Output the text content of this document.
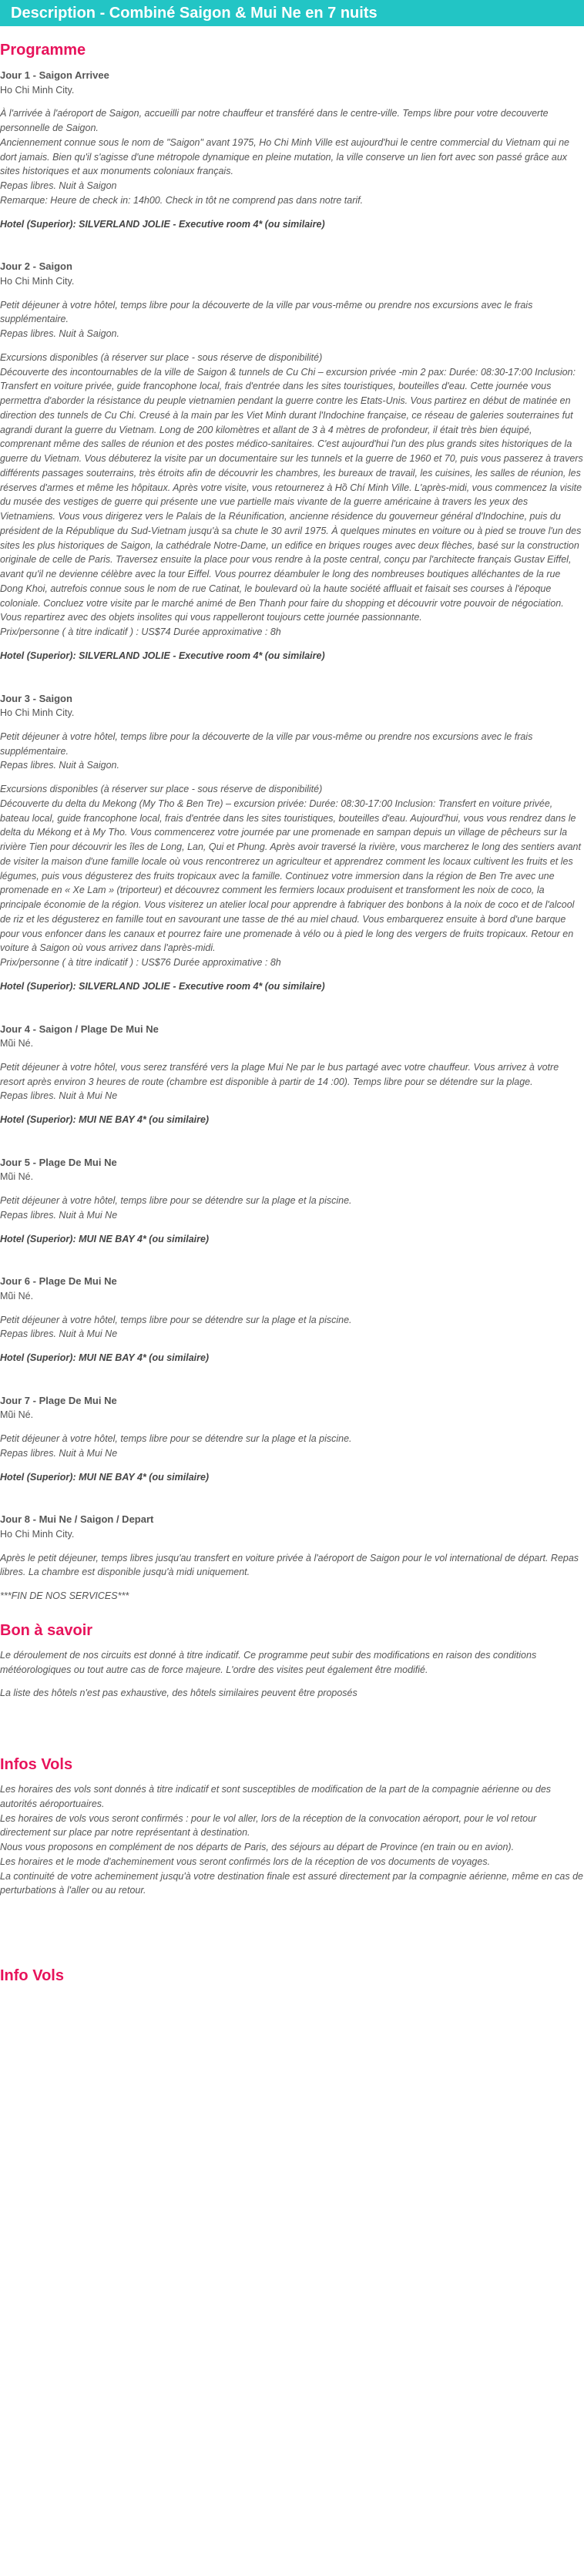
Description - Combiné Saigon & Mui Ne en 7 nuits
Programme
Jour 1 - Saigon Arrivee

Ho Chi Minh City.

À l'arrivée à l'aéroport de Saigon, accueilli par notre chauffeur et transféré dans le centre-ville. Temps libre pour votre decouverte personnelle de Saigon.

Anciennement connue sous le nom de "Saigon" avant 1975, Ho Chi Minh Ville est aujourd'hui le centre commercial du Vietnam qui ne dort jamais. Bien qu'il s'agisse d'une métropole dynamique en pleine mutation, la ville conserve un lien fort avec son passé grâce aux sites historiques et aux monuments coloniaux français.

Repas libres. Nuit à Saigon

Remarque: Heure de check in: 14h00. Check in tôt ne comprend pas dans notre tarif.

Hotel (Superior): SILVERLAND JOLIE - Executive room 4* (ou similaire)

Jour 2 - Saigon

Ho Chi Minh City.

Petit déjeuner à votre hôtel, temps libre pour la découverte de la ville par vous-même ou prendre nos excursions avec le frais supplémentaire.

Repas libres. Nuit à Saigon.

Excursions disponibles (à réserver sur place - sous réserve de disponibilité)
Découverte des incontournables de la ville de Saigon & tunnels de Cu Chi – excursion privée -min 2 pax: Durée: 08:30-17:00 Inclusion: Transfert en voiture privée, guide francophone local, frais d'entrée dans les sites touristiques, bouteilles d'eau. Cette journée vous permettra d'aborder la résistance du peuple vietnamien pendant la guerre contre les Etats-Unis. Vous partirez en début de matinée en direction des tunnels de Cu Chi. Creusé à la main par les Viet Minh durant l'Indochine française, ce réseau de galeries souterraines fut agrandi durant la guerre du Vietnam. Long de 200 kilomètres et allant de 3 à 4 mètres de profondeur, il était très bien équipé, comprenant même des salles de réunion et des postes médico-sanitaires. C'est aujourd'hui l'un des plus grands sites historiques de la guerre du Vietnam. Vous débuterez la visite par un documentaire sur les tunnels et la guerre de 1960 et 70, puis vous passerez à travers différents passages souterrains, très étroits afin de découvrir les chambres, les bureaux de travail, les cuisines, les salles de réunion, les réserves d'armes et même les hôpitaux. Après votre visite, vous retournerez à Hồ Chí Minh Ville. L'après-midi, vous commencez la visite du musée des vestiges de guerre qui présente une vue partielle mais vivante de la guerre américaine à travers les yeux des Vietnamiens. Vous vous dirigerez vers le Palais de la Réunification, ancienne résidence du gouverneur général d'Indochine, puis du président de la République du Sud-Vietnam jusqu'à sa chute le 30 avril 1975. À quelques minutes en voiture ou à pied se trouve l'un des sites les plus historiques de Saigon, la cathédrale Notre-Dame, un edifice en briques rouges avec deux flèches, basé sur la construction originale de celle de Paris. Traversez ensuite la place pour vous rendre à la poste central, conçu par l'architecte français Gustav Eiffel, avant qu'il ne devienne célèbre avec la tour Eiffel. Vous pourrez déambuler le long des nombreuses boutiques alléchantes de la rue Dong Khoi, autrefois connue sous le nom de rue Catinat, le boulevard où la haute société affluait et faisait ses courses à l'époque coloniale. Concluez votre visite par le marché animé de Ben Thanh pour faire du shopping et découvrir votre pouvoir de négociation. Vous repartirez avec des objets insolites qui vous rappelleront toujours cette journée passionnante.
Prix/personne ( à titre indicatif ) : US$74 Durée approximative : 8h

Hotel (Superior): SILVERLAND JOLIE - Executive room 4* (ou similaire)

Jour 3 - Saigon

Ho Chi Minh City.

Petit déjeuner à votre hôtel, temps libre pour la découverte de la ville par vous-même ou prendre nos excursions avec le frais supplémentaire.

Repas libres. Nuit à Saigon.

Excursions disponibles (à réserver sur place - sous réserve de disponibilité)
Découverte du delta du Mekong (My Tho & Ben Tre) – excursion privée: Durée: 08:30-17:00 Inclusion: Transfert en voiture privée, bateau local, guide francophone local, frais d'entrée dans les sites touristiques, bouteilles d'eau. Aujourd'hui, vous vous rendrez dans le delta du Mékong et à My Tho. Vous commencerez votre journée par une promenade en sampan depuis un village de pêcheurs sur la rivière Tien pour découvrir les îles de Long, Lan, Qui et Phung. Après avoir traversé la rivière, vous marcherez le long des sentiers avant de visiter la maison d'une famille locale où vous rencontrerez un agriculteur et apprendrez comment les locaux cultivent les fruits et les légumes, puis vous dégusterez des fruits tropicaux avec la famille. Continuez votre immersion dans la région de Ben Tre avec une promenade en « Xe Lam » (triporteur) et découvrez comment les fermiers locaux produisent et transforment les noix de coco, la principale économie de la région. Vous visiterez un atelier local pour apprendre à fabriquer des bonbons à la noix de coco et de l'alcool de riz et les dégusterez en famille tout en savourant une tasse de thé au miel chaud. Vous embarquerez ensuite à bord d'une barque pour vous enfoncer dans les canaux et pourrez faire une promenade à vélo ou à pied le long des vergers de fruits tropicaux. Retour en voiture à Saigon où vous arrivez dans l'après-midi.
Prix/personne ( à titre indicatif ) : US$76 Durée approximative : 8h

Hotel (Superior): SILVERLAND JOLIE - Executive room 4* (ou similaire)

Jour 4 - Saigon / Plage De Mui Ne

Mũi Né.

Petit déjeuner à votre hôtel, vous serez transféré vers la plage Mui Ne par le bus partagé avec votre chauffeur. Vous arrivez à votre resort après environ 3 heures de route (chambre est disponible à partir de 14 :00). Temps libre pour se détendre sur la plage.

Repas libres. Nuit à Mui Ne

Hotel (Superior): MUI NE BAY 4* (ou similaire)

Jour 5 - Plage De Mui Ne

Mũi Né.

Petit déjeuner à votre hôtel, temps libre pour se détendre sur la plage et la piscine.

Repas libres. Nuit à Mui Ne

Hotel (Superior): MUI NE BAY 4* (ou similaire)

Jour 6 - Plage De Mui Ne

Mũi Né.

Petit déjeuner à votre hôtel, temps libre pour se détendre sur la plage et la piscine.

Repas libres. Nuit à Mui Ne

Hotel (Superior): MUI NE BAY 4* (ou similaire)

Jour 7 - Plage De Mui Ne

Mũi Né.

Petit déjeuner à votre hôtel, temps libre pour se détendre sur la plage et la piscine.

Repas libres. Nuit à Mui Ne

Hotel (Superior): MUI NE BAY 4* (ou similaire)

Jour 8 - Mui Ne / Saigon / Depart

Ho Chi Minh City.

Après le petit déjeuner, temps libres jusqu'au transfert en voiture privée à l'aéroport de Saigon pour le vol international de départ. Repas libres. La chambre est disponible jusqu'à midi uniquement.

***FIN DE NOS SERVICES***

Bon à savoir

Le déroulement de nos circuits est donné à titre indicatif. Ce programme peut subir des modifications en raison des conditions météorologiques ou tout autre cas de force majeure. L'ordre des visites peut également être modifié.

La liste des hôtels n'est pas exhaustive, des hôtels similaires peuvent être proposés

Infos Vols

Les horaires des vols sont donnés à titre indicatif et sont susceptibles de modification de la part de la compagnie aérienne ou des autorités aéroportuaires.

Les horaires de vols vous seront confirmés : pour le vol aller, lors de la réception de la convocation aéroport, pour le vol retour directement sur place par notre représentant à destination.

Nous vous proposons en complément de nos départs de Paris, des séjours au départ de Province (en train ou en avion).

Les horaires et le mode d'acheminement vous seront confirmés lors de la réception de vos documents de voyages.

La continuité de votre acheminement jusqu'à votre destination finale est assuré directement par la compagnie aérienne, même en cas de perturbations à l'aller ou au retour.

Info Vols
